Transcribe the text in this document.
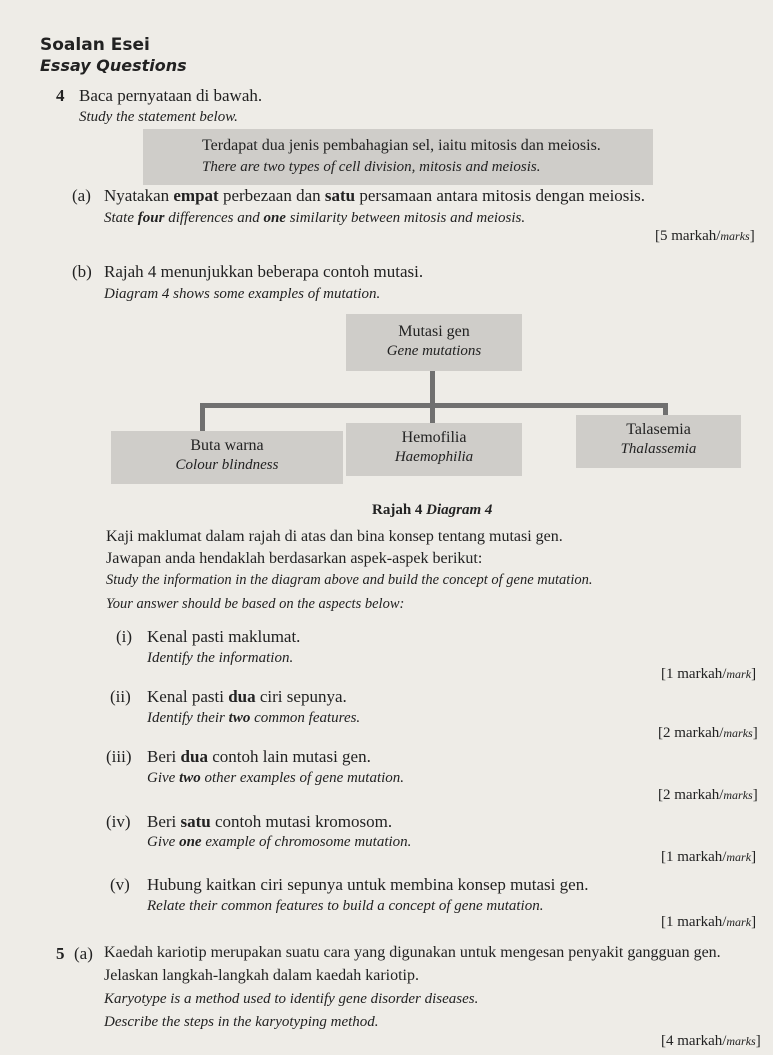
Soalan Esei
Essay Questions
4 Baca pernyataan di bawah.
Study the statement below.
Terdapat dua jenis pembahagian sel, iaitu mitosis dan meiosis.
There are two types of cell division, mitosis and meiosis.
(a) Nyatakan empat perbezaan dan satu persamaan antara mitosis dengan meiosis.
State four differences and one similarity between mitosis and meiosis.
[5 markah/marks]
(b) Rajah 4 menunjukkan beberapa contoh mutasi.
Diagram 4 shows some examples of mutation.
Mutasi gen
Gene mutations
Buta warna
Colour blindness
Hemofilia
Haemophilia
Talasemia
Thalassemia
Rajah 4 Diagram 4
Kaji maklumat dalam rajah di atas dan bina konsep tentang mutasi gen.
Jawapan anda hendaklah berdasarkan aspek-aspek berikut:
Study the information in the diagram above and build the concept of gene mutation.
Your answer should be based on the aspects below:
(i) Kenal pasti maklumat.
Identify the information.
[1 markah/mark]
(ii) Kenal pasti dua ciri sepunya.
Identify their two common features.
[2 markah/marks]
(iii) Beri dua contoh lain mutasi gen.
Give two other examples of gene mutation.
[2 markah/marks]
(iv) Beri satu contoh mutasi kromosom.
Give one example of chromosome mutation.
[1 markah/mark]
(v) Hubung kaitkan ciri sepunya untuk membina konsep mutasi gen.
Relate their common features to build a concept of gene mutation.
[1 markah/mark]
5 (a) Kaedah kariotip merupakan suatu cara yang digunakan untuk mengesan penyakit gangguan gen.
Jelaskan langkah-langkah dalam kaedah kariotip.
Karyotype is a method used to identify gene disorder diseases.
Describe the steps in the karyotyping method.
[4 markah/marks]
